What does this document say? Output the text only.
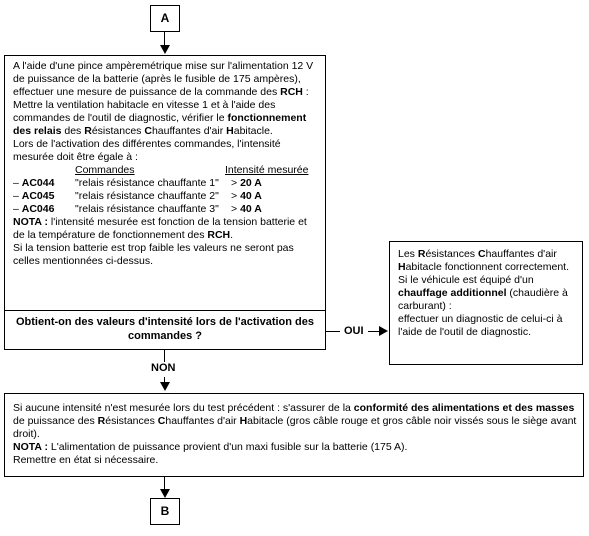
A

A l'aide d'une pince ampèremétrique mise sur l'alimentation 12 V de puissance de la batterie (après le fusible de 175 ampères), effectuer une mesure de puissance de la commande des RCH :

Mettre la ventilation habitacle en vitesse 1 et à l'aide des commandes de l'outil de diagnostic, vérifier le fonctionnement des relais des Résistances Chauffantes d'air Habitacle.

Lors de l'activation des différentes commandes, l'intensité mesurée doit être égale à :

	Commandes	Intensité mesurée
– AC044	"relais résistance chauffante 1"	> 20 A
– AC045	"relais résistance chauffante 2"	> 40 A
– AC046	"relais résistance chauffante 3"	> 40 A

NOTA : l'intensité mesurée est fonction de la tension batterie et de la température de fonctionnement des RCH.

Si la tension batterie est trop faible les valeurs ne seront pas celles mentionnées ci-dessus.

Obtient-on des valeurs d'intensité lors de l'activation des commandes ?	OUI

Les Résistances Chauffantes d'air Habitacle fonctionnent correctement.

Si le véhicule est équipé d'un chauffage additionnel (chaudière à carburant) :

effectuer un diagnostic de celui-ci à l'aide de l'outil de diagnostic.

NON

Si aucune intensité n'est mesurée lors du test précédent : s'assurer de la conformité des alimentations et des masses de puissance des Résistances Chauffantes d'air Habitacle (gros câble rouge et gros câble noir vissés sous le siège avant droit).

NOTA : L'alimentation de puissance provient d'un maxi fusible sur la batterie (175 A).

Remettre en état si nécessaire.

B
